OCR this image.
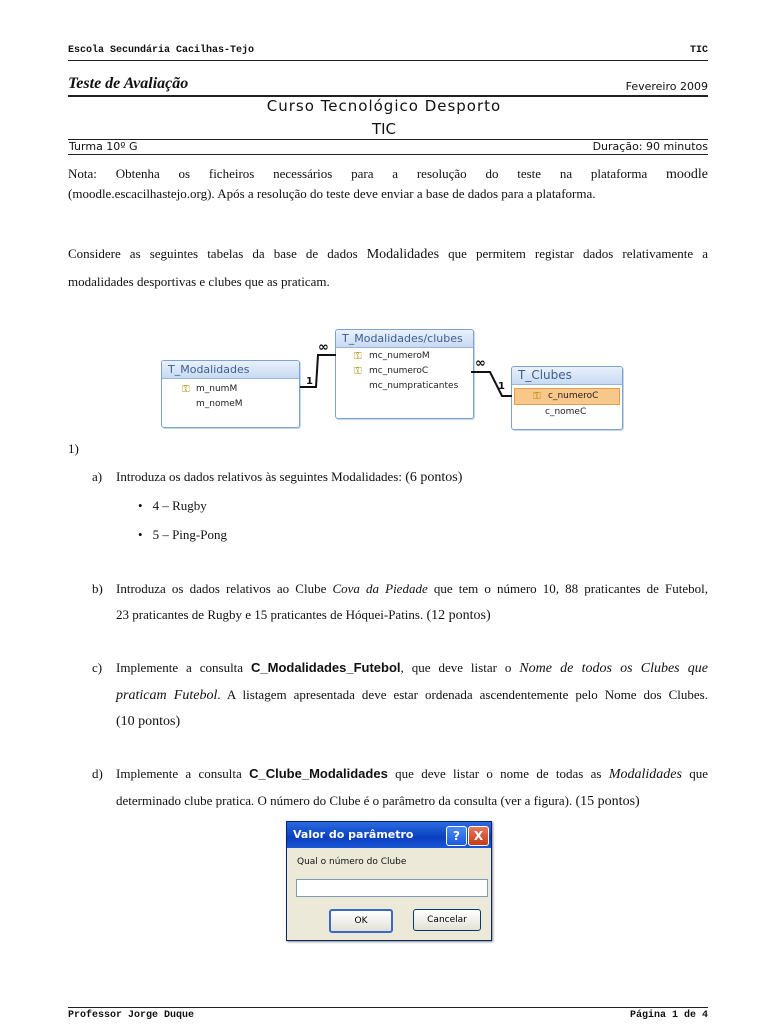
Escola Secundária Cacilhas-Tejo	TIC
Teste de Avaliação	Fevereiro 2009
Curso Tecnológico Desporto
TIC
Turma 10º G	Duração: 90 minutos
Nota: Obtenha os ficheiros necessários para a resolução do teste na plataforma moodle
(moodle.escacilhastejo.org). Após a resolução do teste deve enviar a base de dados para a plataforma.
Considere as seguintes tabelas da base de dados Modalidades que permitem registar dados relativamente a
modalidades desportivas e clubes que as praticam.
T_Modalidades
⚿ m_numM
m_nomeM
T_Modalidades/clubes
⚿ mc_numeroM
⚿ mc_numeroC
mc_numpraticantes
T_Clubes
⚿ c_numeroC
c_nomeC
1
∞
∞
1
1)
a) Introduza os dados relativos às seguintes Modalidades: (6 pontos)
• 4 – Rugby
• 5 – Ping-Pong
b) Introduza os dados relativos ao Clube Cova da Piedade que tem o número 10, 88 praticantes de Futebol,
23 praticantes de Rugby e 15 praticantes de Hóquei-Patins. (12 pontos)
c) Implemente a consulta C_Modalidades_Futebol, que deve listar o Nome de todos os Clubes que
praticam Futebol. A listagem apresentada deve estar ordenada ascendentemente pelo Nome dos Clubes.
(10 pontos)
d) Implemente a consulta C_Clube_Modalidades que deve listar o nome de todas as Modalidades que
determinado clube pratica. O número do Clube é o parâmetro da consulta (ver a figura). (15 pontos)
Valor do parâmetro	?	X
Qual o número do Clube
OK	Cancelar
Professor Jorge Duque	Página 1 de 4
